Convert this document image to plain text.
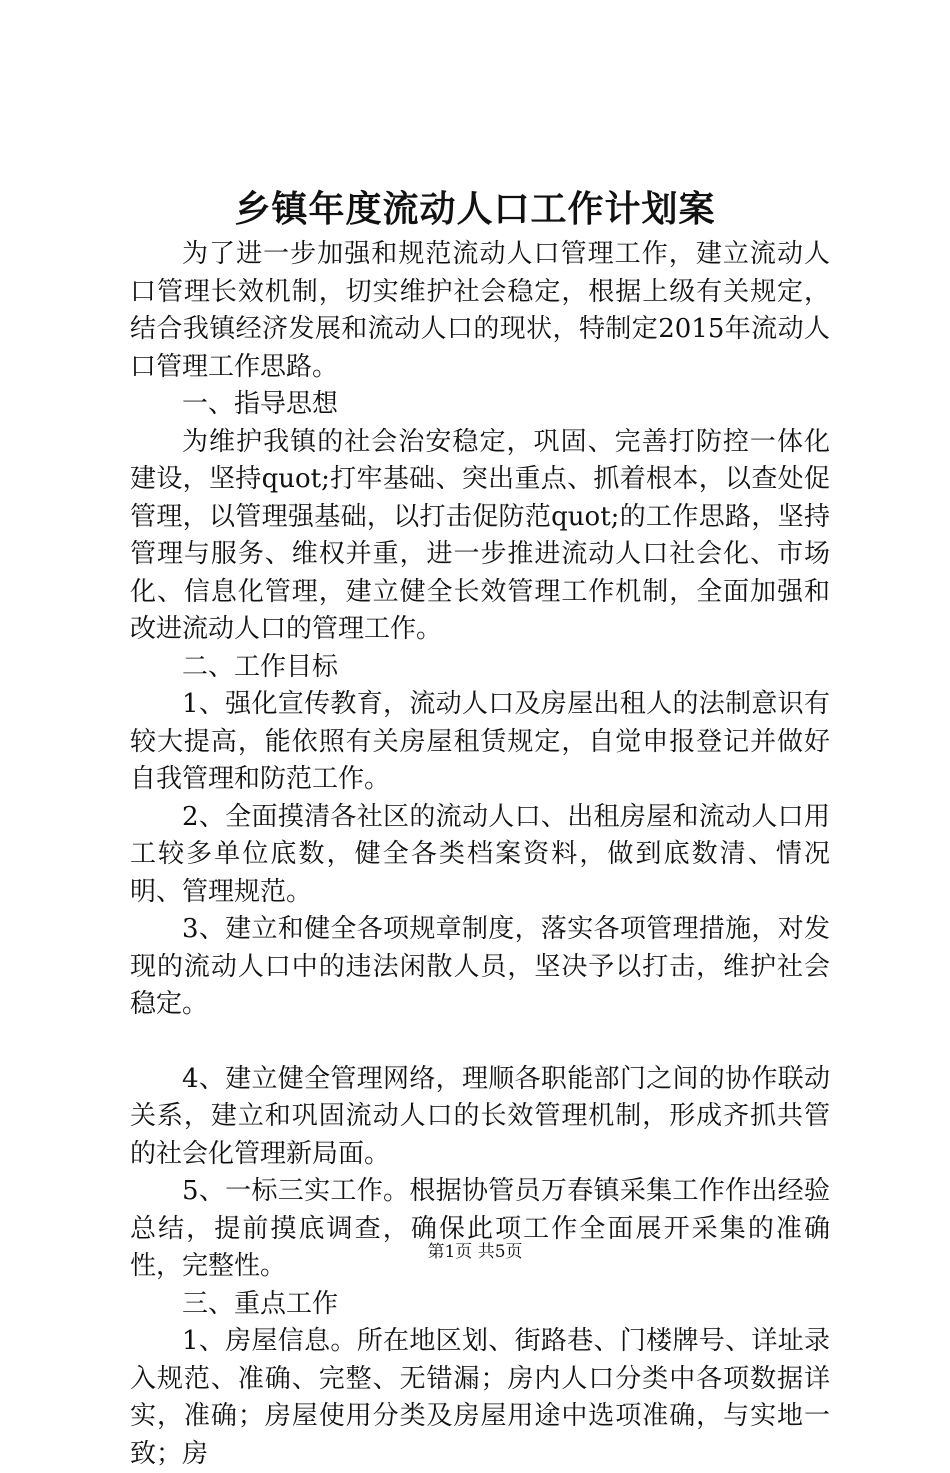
乡镇年度流动人口工作计划案

为了进一步加强和规范流动人口管理工作，建立流动人口管理长效机制，切实维护社会稳定，根据上级有关规定，结合我镇经济发展和流动人口的现状，特制定2015年流动人口管理工作思路。

一、指导思想

为维护我镇的社会治安稳定，巩固、完善打防控一体化建设，坚持quot;打牢基础、突出重点、抓着根本，以查处促管理，以管理强基础，以打击促防范quot;的工作思路，坚持管理与服务、维权并重，进一步推进流动人口社会化、市场化、信息化管理，建立健全长效管理工作机制，全面加强和改进流动人口的管理工作。

二、工作目标

1、强化宣传教育，流动人口及房屋出租人的法制意识有较大提高，能依照有关房屋租赁规定，自觉申报登记并做好自我管理和防范工作。

2、全面摸清各社区的流动人口、出租房屋和流动人口用工较多单位底数，健全各类档案资料，做到底数清、情况明、管理规范。

3、建立和健全各项规章制度，落实各项管理措施，对发现的流动人口中的违法闲散人员，坚决予以打击，维护社会稳定。

4、建立健全管理网络，理顺各职能部门之间的协作联动关系，建立和巩固流动人口的长效管理机制，形成齐抓共管的社会化管理新局面。

5、一标三实工作。根据协管员万春镇采集工作作出经验总结，提前摸底调查，确保此项工作全面展开采集的准确性，完整性。

三、重点工作

1、房屋信息。所在地区划、街路巷、门楼牌号、详址录入规范、准确、完整、无错漏；房内人口分类中各项数据详实，准确；房屋使用分类及房屋用途中选项准确，与实地一致；房

第1页 共5页
